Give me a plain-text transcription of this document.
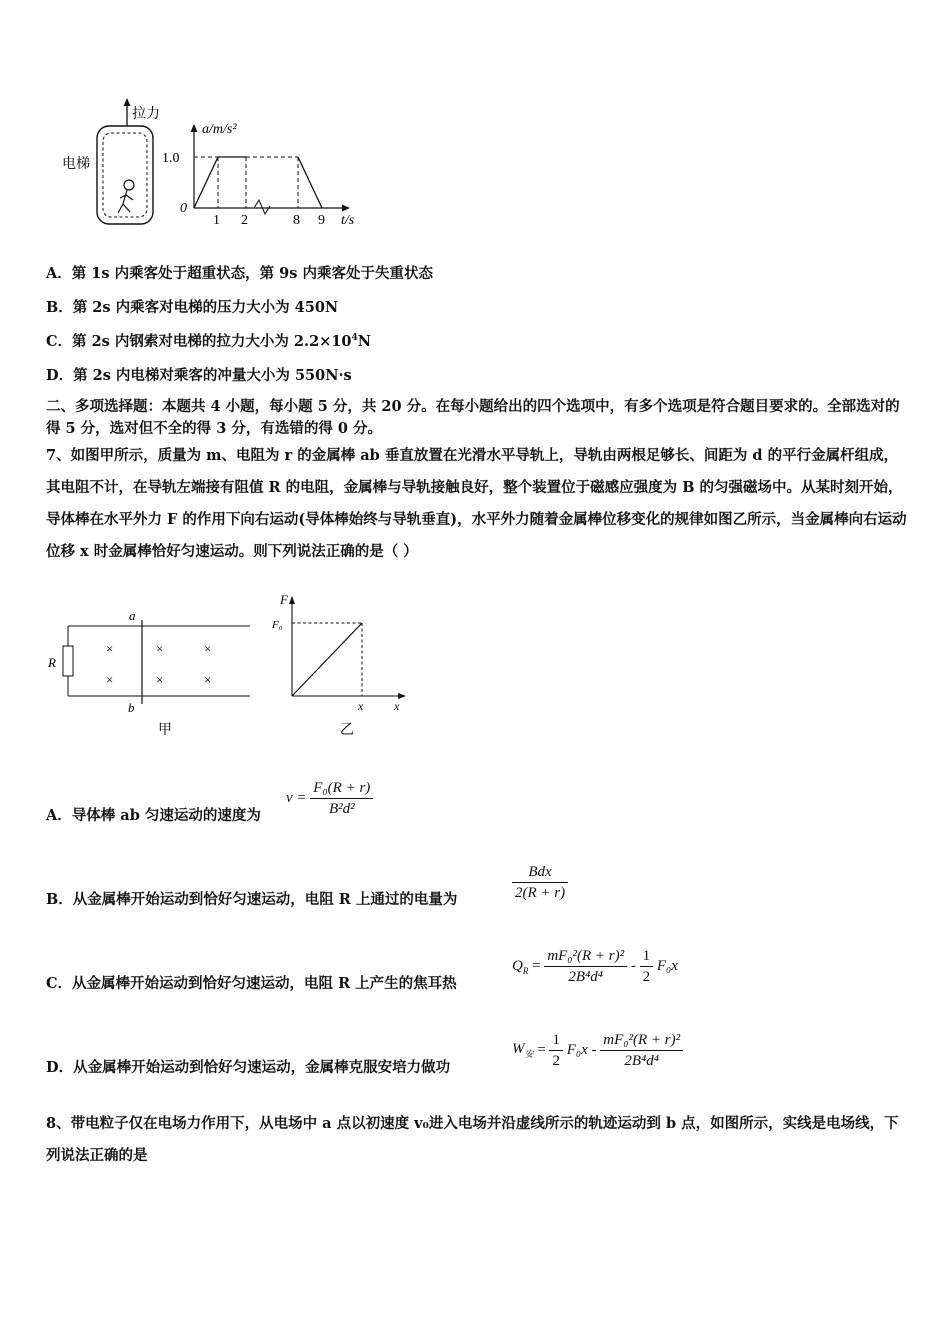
拉力
电梯
a/m/s²
1.0
0
1 2	8 9 t/s
A．第 1s 内乘客处于超重状态，第 9s 内乘客处于失重状态
B．第 2s 内乘客对电梯的压力大小为 450N
C．第 2s 内钢索对电梯的拉力大小为 $2.2\times 10^4N$
D．第 2s 内电梯对乘客的冲量大小为 550N·s
二、多项选择题：本题共 4 小题，每小题 5 分，共 20 分。在每小题给出的四个选项中，有多个选项是符合题目要求的。全部选对的得 5 分，选对但不全的得 3 分，有选错的得 0 分。
7、如图甲所示，质量为 m、电阻为 r 的金属棒 ab 垂直放置在光滑水平导轨上，导轨由两根足够长、间距为 d 的平行金属杆组成，其电阻不计，在导轨左端接有阻值 R 的电阻，金属棒与导轨接触良好，整个装置位于磁感应强度为 B 的匀强磁场中。从某时刻开始，导体棒在水平外力 F 的作用下向右运动(导体棒始终与导轨垂直)，水平外力随着金属棒位移变化的规律如图乙所示，当金属棒向右运动位移 x 时金属棒恰好匀速运动。则下列说法正确的是（ ）
R
a
b
×	×	×
×	×	×
甲
F
F₀
x	x
乙
A．导体棒 ab 匀速运动的速度为
$v = \frac{\text{F₀(R + r)}}{\text{B²d²}}$
B．从金属棒开始运动到恰好匀速运动，电阻 R 上通过的电量为	$\frac{\text{Bdx}}{2(R + r)}$
C．从金属棒开始运动到恰好匀速运动，电阻 R 上产生的焦耳热
$Q_R = \frac{\text{mF₀²(R + r)²}}{\text{2B⁴d⁴}} - \frac{1}{2} F_0x$
D．从金属棒开始运动到恰好匀速运动，金属棒克服安培力做功
$W_安 = \frac{1}{2} F_0x - \frac{\text{mF₀²(R + r)²}}{\text{2B⁴d⁴}}$
8、带电粒子仅在电场力作用下，从电场中 a 点以初速度 v₀进入电场并沿虚线所示的轨迹运动到 b 点，如图所示，实线是电场线，下列说法正确的是
